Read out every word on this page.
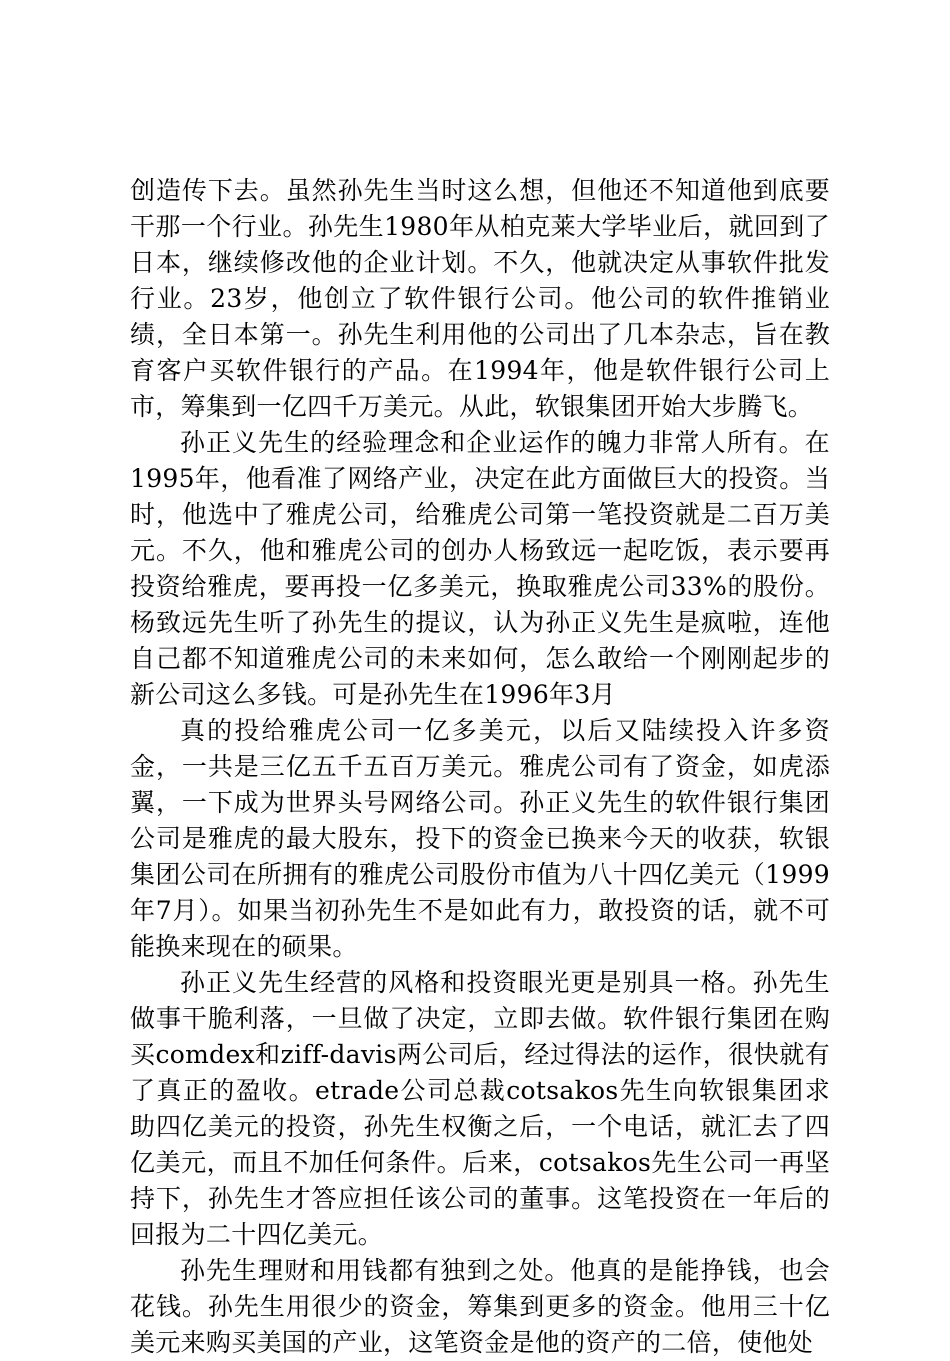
创造传下去。虽然孙先生当时这么想，但他还不知道他到底要干那一个行业。孙先生1980年从柏克莱大学毕业后，就回到了日本，继续修改他的企业计划。不久，他就决定从事软件批发行业。23岁，他创立了软件银行公司。他公司的软件推销业绩，全日本第一。孙先生利用他的公司出了几本杂志，旨在教育客户买软件银行的产品。在1994年，他是软件银行公司上市，筹集到一亿四千万美元。从此，软银集团开始大步腾飞。

孙正义先生的经验理念和企业运作的魄力非常人所有。在1995年，他看准了网络产业，决定在此方面做巨大的投资。当时，他选中了雅虎公司，给雅虎公司第一笔投资就是二百万美元。不久，他和雅虎公司的创办人杨致远一起吃饭，表示要再投资给雅虎，要再投一亿多美元，换取雅虎公司33%的股份。杨致远先生听了孙先生的提议，认为孙正义先生是疯啦，连他自己都不知道雅虎公司的未来如何，怎么敢给一个刚刚起步的新公司这么多钱。可是孙先生在1996年3月

真的投给雅虎公司一亿多美元，以后又陆续投入许多资金，一共是三亿五千五百万美元。雅虎公司有了资金，如虎添翼，一下成为世界头号网络公司。孙正义先生的软件银行集团公司是雅虎的最大股东，投下的资金已换来今天的收获，软银集团公司在所拥有的雅虎公司股份市值为八十四亿美元（1999年7月）。如果当初孙先生不是如此有力，敢投资的话，就不可能换来现在的硕果。

孙正义先生经营的风格和投资眼光更是别具一格。孙先生做事干脆利落，一旦做了决定，立即去做。软件银行集团在购买comdex和ziff-davis两公司后，经过得法的运作，很快就有了真正的盈收。etrade公司总裁cotsakos先生向软银集团求助四亿美元的投资，孙先生权衡之后，一个电话，就汇去了四亿美元，而且不加任何条件。后来，cotsakos先生公司一再坚持下，孙先生才答应担任该公司的董事。这笔投资在一年后的回报为二十四亿美元。

孙先生理财和用钱都有独到之处。他真的是能挣钱，也会花钱。孙先生用很少的资金，筹集到更多的资金。他用三十亿美元来购买美国的产业，这笔资金是他的资产的二倍，使他处
